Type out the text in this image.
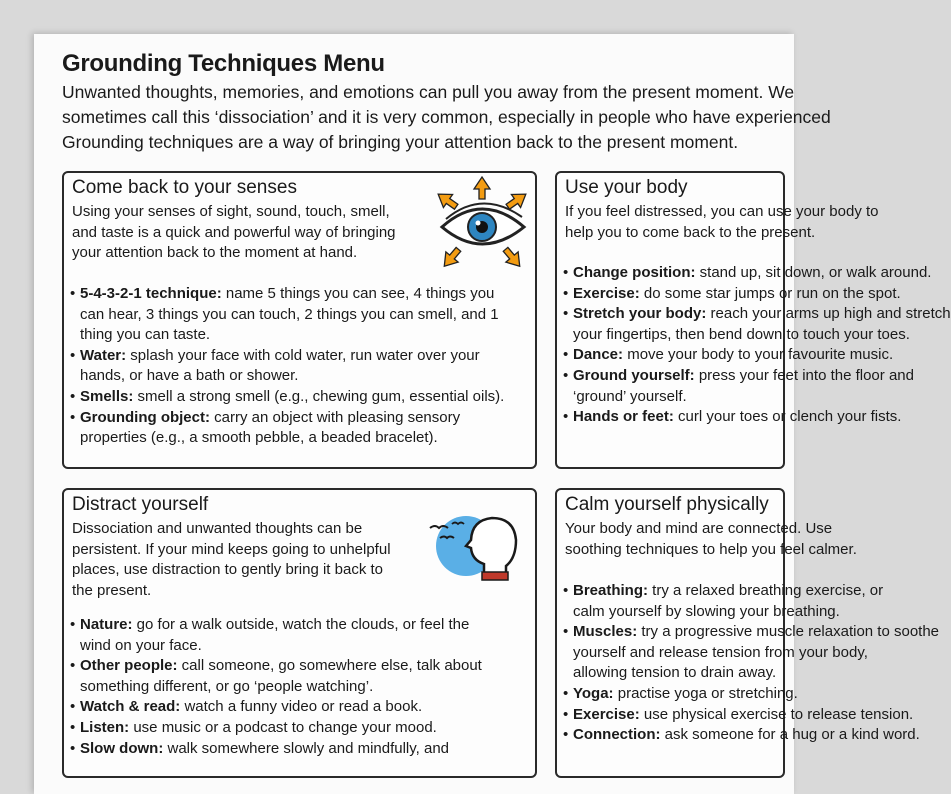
Grounding Techniques Menu

Unwanted thoughts, memories, and emotions can pull you away from the present moment. We
sometimes call this ‘dissociation’ and it is very common, especially in people who have experienced
Grounding techniques are a way of bringing your attention back to the present moment.

Come back to your senses

Using your senses of sight, sound, touch, smell,
and taste is a quick and powerful way of bringing
your attention back to the moment at hand.

• 5-4-3-2-1 technique: name 5 things you can see, 4 things you
can hear, 3 things you can touch, 2 things you can smell, and 1
thing you can taste.
• Water: splash your face with cold water, run water over your
hands, or have a bath or shower.
• Smells: smell a strong smell (e.g., chewing gum, essential oils).
• Grounding object: carry an object with pleasing sensory
properties (e.g., a smooth pebble, a beaded bracelet).
Use your body

If you feel distressed, you can use your body to
help you to come back to the present.

• Change position: stand up, sit down, or walk around.
• Exercise: do some star jumps or run on the spot.
• Stretch your body: reach your arms up high and stretch
your fingertips, then bend down to touch your toes.
• Dance: move your body to your favourite music.
• Ground yourself: press your feet into the floor and
‘ground’ yourself.
• Hands or feet: curl your toes or clench your fists.
Distract yourself

Dissociation and unwanted thoughts can be
persistent. If your mind keeps going to unhelpful
places, use distraction to gently bring it back to
the present.

• Nature: go for a walk outside, watch the clouds, or feel the
wind on your face.
• Other people: call someone, go somewhere else, talk about
something different, or go ‘people watching’.
• Watch & read: watch a funny video or read a book.
• Listen: use music or a podcast to change your mood.
• Slow down: walk somewhere slowly and mindfully, and
Calm yourself physically

Your body and mind are connected. Use
soothing techniques to help you feel calmer.

• Breathing: try a relaxed breathing exercise, or
calm yourself by slowing your breathing.
• Muscles: try a progressive muscle relaxation to soothe
yourself and release tension from your body,
allowing tension to drain away.
• Yoga: practise yoga or stretching.
• Exercise: use physical exercise to release tension.
• Connection: ask someone for a hug or a kind word.
